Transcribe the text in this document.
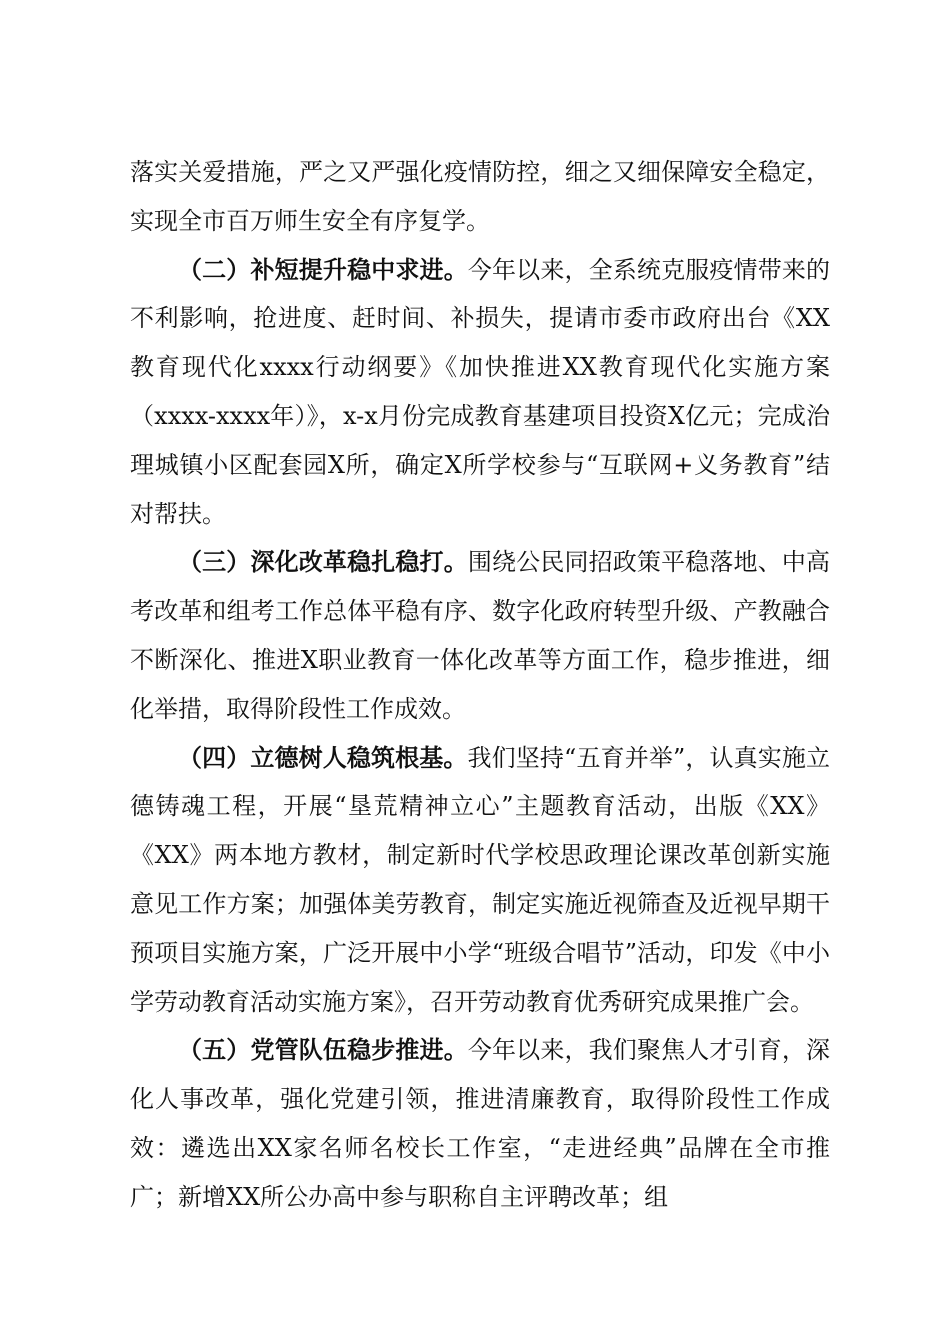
落实关爱措施，严之又严强化疫情防控，细之又细保障安全稳定，实现全市百万师生安全有序复学。

（二）补短提升稳中求进。今年以来，全系统克服疫情带来的不利影响，抢进度、赶时间、补损失，提请市委市政府出台《XX教育现代化xxxx行动纲要》《加快推进XX教育现代化实施方案（xxxx-xxxx年）》，x-x月份完成教育基建项目投资X亿元；完成治理城镇小区配套园X所，确定X所学校参与“互联网+义务教育”结对帮扶。

（三）深化改革稳扎稳打。围绕公民同招政策平稳落地、中高考改革和组考工作总体平稳有序、数字化政府转型升级、产教融合不断深化、推进X职业教育一体化改革等方面工作，稳步推进，细化举措，取得阶段性工作成效。

（四）立德树人稳筑根基。我们坚持“五育并举”，认真实施立德铸魂工程，开展“垦荒精神立心”主题教育活动，出版《XX》《XX》两本地方教材，制定新时代学校思政理论课改革创新实施意见工作方案；加强体美劳教育，制定实施近视筛查及近视早期干预项目实施方案，广泛开展中小学“班级合唱节”活动，印发《中小学劳动教育活动实施方案》，召开劳动教育优秀研究成果推广会。

（五）党管队伍稳步推进。今年以来，我们聚焦人才引育，深化人事改革，强化党建引领，推进清廉教育，取得阶段性工作成效：遴选出XX家名师名校长工作室，“走进经典”品牌在全市推广；新增XX所公办高中参与职称自主评聘改革；组
